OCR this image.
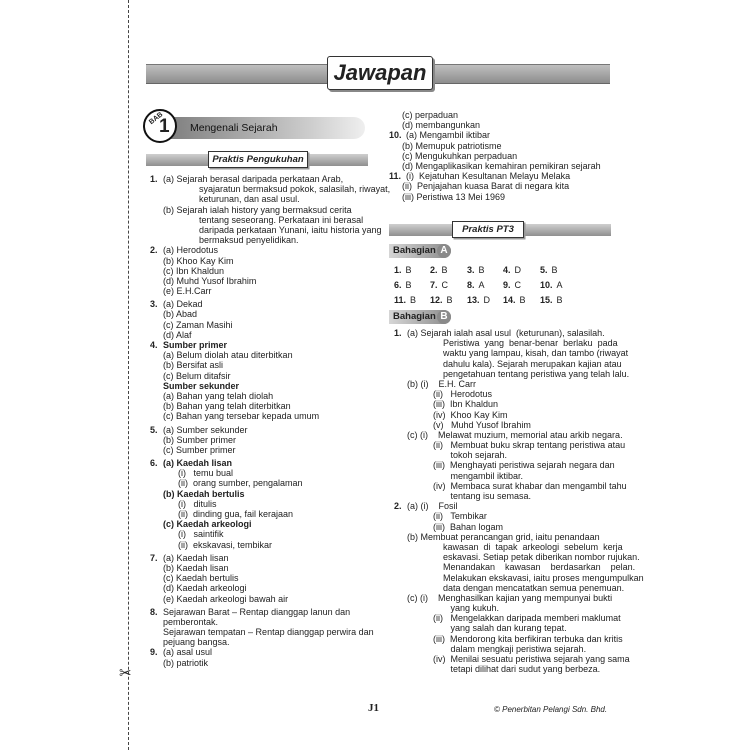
✂
Jawapan
BAB
1 Mengenali Sejarah
Praktis Pengukuhan
1. (a) Sejarah berasal daripada perkataan Arab,
syajaratun bermaksud pokok, salasilah, riwayat,
keturunan, dan asal usul.
(b) Sejarah ialah history yang bermaksud cerita
tentang seseorang. Perkataan ini berasal
daripada perkataan Yunani, iaitu historia yang
bermaksud penyelidikan.
2. (a) Herodotus
(b) Khoo Kay Kim
(c) Ibn Khaldun
(d) Muhd Yusof Ibrahim
(e) E.H.Carr
3. (a) Dekad
(b) Abad
(c) Zaman Masihi
(d) Alaf
4. Sumber primer
(a) Belum diolah atau diterbitkan
(b) Bersifat asli
(c) Belum ditafsir
Sumber sekunder
(a) Bahan yang telah diolah
(b) Bahan yang telah diterbitkan
(c) Bahan yang tersebar kepada umum
5. (a) Sumber sekunder
(b) Sumber primer
(c) Sumber primer
6. (a) Kaedah lisan
(i)   temu bual
(ii)  orang sumber, pengalaman
(b) Kaedah bertulis
(i)   ditulis
(ii)  dinding gua, fail kerajaan
(c) Kaedah arkeologi
(i)   saintifik
(ii)  ekskavasi, tembikar
7. (a) Kaedah lisan
(b) Kaedah lisan
(c) Kaedah bertulis
(d) Kaedah arkeologi
(e) Kaedah arkeologi bawah air
8. Sejarawan Barat – Rentap dianggap lanun dan
pemberontak.
Sejarawan tempatan – Rentap dianggap perwira dan
pejuang bangsa.
9. (a) asal usul
(b) patriotik
(c) perpaduan
(d) membangunkan
10. (a) Mengambil iktibar
(b) Memupuk patriotisme
(c) Mengukuhkan perpaduan
(d) Mengaplikasikan kemahiran pemikiran sejarah
11. (i)  Kejatuhan Kesultanan Melayu Melaka
(ii)  Penjajahan kuasa Barat di negara kita
(iii) Peristiwa 13 Mei 1969
Praktis PT3
Bahagian A
1. B 2. B 3. B 4. D 5. B
6. B 7. C 8. A 9. C 10. A
11. B 12. B 13. D 14. B 15. B
Bahagian B
1. (a) Sejarah ialah asal usul  (keturunan), salasilah.
Peristiwa  yang  benar-benar  berlaku  pada
waktu yang lampau, kisah, dan tambo (riwayat
dahulu kala). Sejarah merupakan kajian atau
pengetahuan tentang peristiwa yang telah lalu.
(b) (i)    E.H. Carr
(ii)   Herodotus
(iii)  Ibn Khaldun
(iv)  Khoo Kay Kim
(v)   Muhd Yusof Ibrahim
(c) (i)    Melawat muzium, memorial atau arkib negara.
(ii)   Membuat buku skrap tentang peristiwa atau
tokoh sejarah.
(iii)  Menghayati peristiwa sejarah negara dan
mengambil iktibar.
(iv)  Membaca surat khabar dan mengambil tahu
tentang isu semasa.
2. (a) (i)    Fosil
(ii)   Tembikar
(iii)  Bahan logam
(b) Membuat perancangan grid, iaitu penandaan
kawasan  di  tapak  arkeologi  sebelum  kerja
eskavasi. Setiap petak diberikan nombor rujukan.
Menandakan    kawasan    berdasarkan    pelan.
Melakukan ekskavasi, iaitu proses mengumpulkan
data dengan mencatatkan semua penemuan.
(c) (i)    Menghasilkan kajian yang mempunyai bukti
yang kukuh.
(ii)   Mengelakkan daripada memberi maklumat
yang salah dan kurang tepat.
(iii)  Mendorong kita berfikiran terbuka dan kritis
dalam mengkaji peristiwa sejarah.
(iv)  Menilai sesuatu peristiwa sejarah yang sama
tetapi dilihat dari sudut yang berbeza.
J1	© Penerbitan Pelangi Sdn. Bhd.
